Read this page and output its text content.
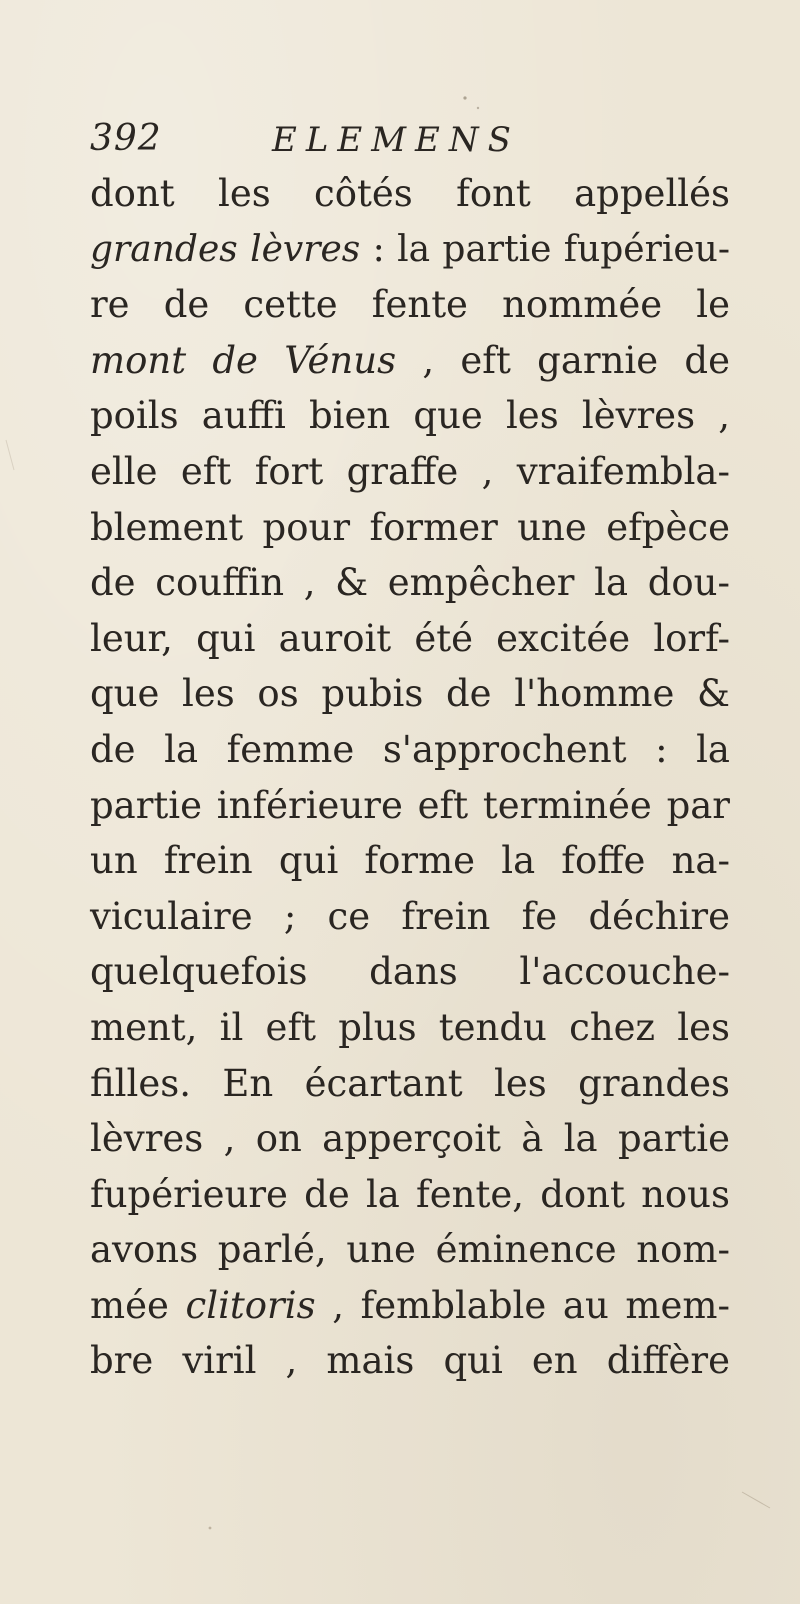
392	ELEMENS
dont les côtés font appellés
grandes lèvres : la partie fupérieu-
re de cette fente nommée le
mont de Vénus , eft garnie de
poils auffi bien que les lèvres ,
elle eft fort graffe , vraifembla-
blement pour former une efpèce
de couffin , & empêcher la dou-
leur, qui auroit été excitée lorf-
que les os pubis de l'homme &
de la femme s'approchent : la
partie inférieure eft terminée par
un frein qui forme la foffe na-
viculaire ; ce frein fe déchire
quelquefois dans l'accouche-
ment, il eft plus tendu chez les
filles. En écartant les grandes
lèvres , on apperçoit à la partie
fupérieure de la fente, dont nous
avons parlé, une éminence nom-
mée clitoris , femblable au mem-
bre viril , mais qui en diffère
